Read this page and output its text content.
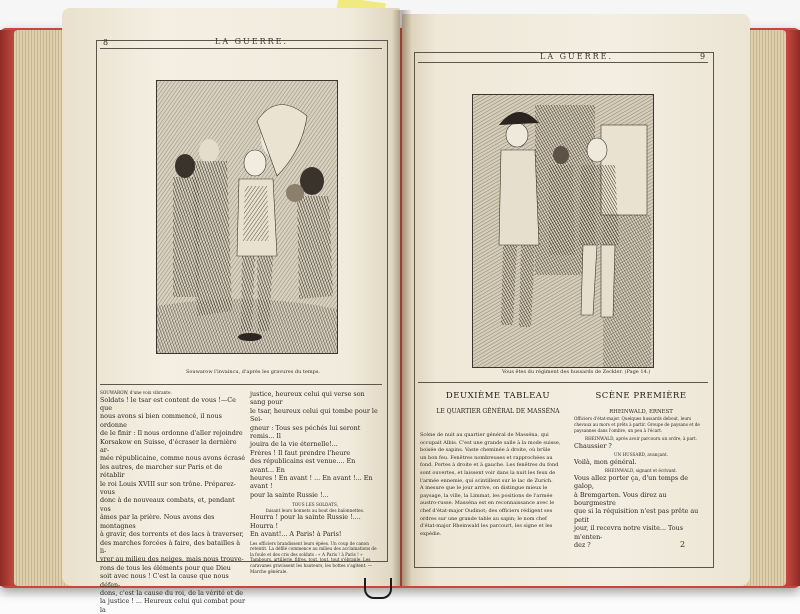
8	LA GUERRE.
Souwarow l'invaincu, d'après les gravures du temps.

SOUWAROW, d'une voix vibrante.

Soldats ! le tsar est content de vous !—Ce que

nous avons si bien commencé, il nous ordonne

de le finir : Il nous ordonne d'aller rejoindre

Korsakow en Suisse, d'écraser la dernière ar-

mée républicaine, comme nous avons écrasé

les autres, de marcher sur Paris et de rétablir

le roi Louis XVIII sur son trône. Préparez-vous

donc à de nouveaux combats, et, pendant vos

âmes par la prière. Nous avons des montagnes

à gravir, des torrents et des lacs à traverser,

des marches forcées à faire, des batailles à li-

vrer au milieu des neiges, mais nous trouve-

rons de tous les éléments pour que Dieu

soit avec nous ! C'est la cause que nous défen-

dons, c'est la cause du roi, de la vérité et de

la justice ! ... Heureux celui qui combat pour la

justice, heureux celui qui verse son sang pour

le tsar, heureux celui qui tombe pour le Sei-

gneur : Tous ses péchés lui seront remis... Il

jouira de la vie éternelle!...

Frères ! Il faut prendre l'heure

des républicains est venue.... En avant... En

heures ! En avant ! ... En avant !... En avant !

pour la sainte Russie !...

TOUS LES SOLDATS,

faisant leurs bonnets au bout des baïonnettes.

Hourra ! pour la sainte Russie !.... Hourra !

En avant!... A Paris! à Paris!

Les officiers brandissent leurs épées. Un coup de canon retentit. La défilé commence au milieu des acclamations de la foule et des cris des soldats : « A Paris ! à Paris ! » Tambours, artillerie, fifres, tout, tout, tout s'ébranle. Les caravanes gravissent les hauteurs, les bottes s'agitent. — Marche générale.

LA GUERRE.	9
Vous êtes du régiment des hussards de Zeckler. (Page 14.)
DEUXIÈME TABLEAU
LE QUARTIER GÉNÉRAL DE MASSÉNA

Scène de nuit au quartier général de Masséna, qui

occupait Albis. C'est une grande salle à la mode suisse,

boisée de sapins. Vaste cheminée à droite, où brûle

un bon feu. Fenêtres nombreuses et rapprochées au

fond. Portes à droite et à gauche. Les fenêtres du fond

sont ouvertes, et laissent voir dans la nuit les feux de

l'armée ennemie, qui scintillent sur le lac de Zurich.

A mesure que le jour arrive, on distingue mieux le

paysage, la ville, la Limmat, les positions de l'armée

austro-russe. Masséna est en reconnaissance avec le

chef d'état-major Oudinot; des officiers rédigent ses

ordres sur une grande table au sapin; le nom chef

d'état-major Rheinwald les parcourt, les signe et les

expédie.

SCÈNE PREMIÈRE

RHEINWALD, ERNEST

Officiers d'état-major. Quelques hussards debout, leurs chevaux au mors et prêts à partir. Groupe de paysans et de paysannes dans l'ombre, un peu à l'écart.

RHEINWALD, après avoir parcouru un ordre, à part.

Chaussier ?

UN HUSSARD, avançant.

Voilà, mon général.

RHEINWALD, signant et écrivant.

Vous allez porter ça, d'un temps de galop,

à Bremgarten. Vous direz au bourgmestre

que si la réquisition n'est pas prête au petit

jour, il recevra notre visite... Tous m'enten-

dez ?	2
